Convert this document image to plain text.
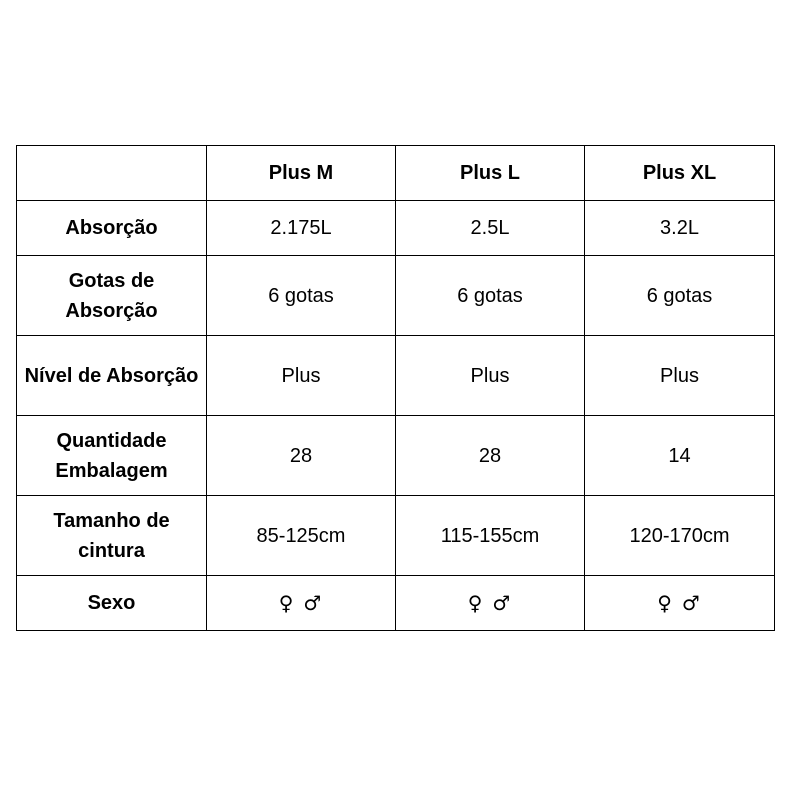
	Plus M	Plus L	Plus XL
Absorção	2.175L	2.5L	3.2L
Gotas de Absorção	6 gotas	6 gotas	6 gotas
Nível de Absorção	Plus	Plus	Plus
Quantidade Embalagem	28	28	14
Tamanho de cintura	85-125cm	115-155cm	120-170cm
Sexo	♀ ♂	♀ ♂	♀ ♂
